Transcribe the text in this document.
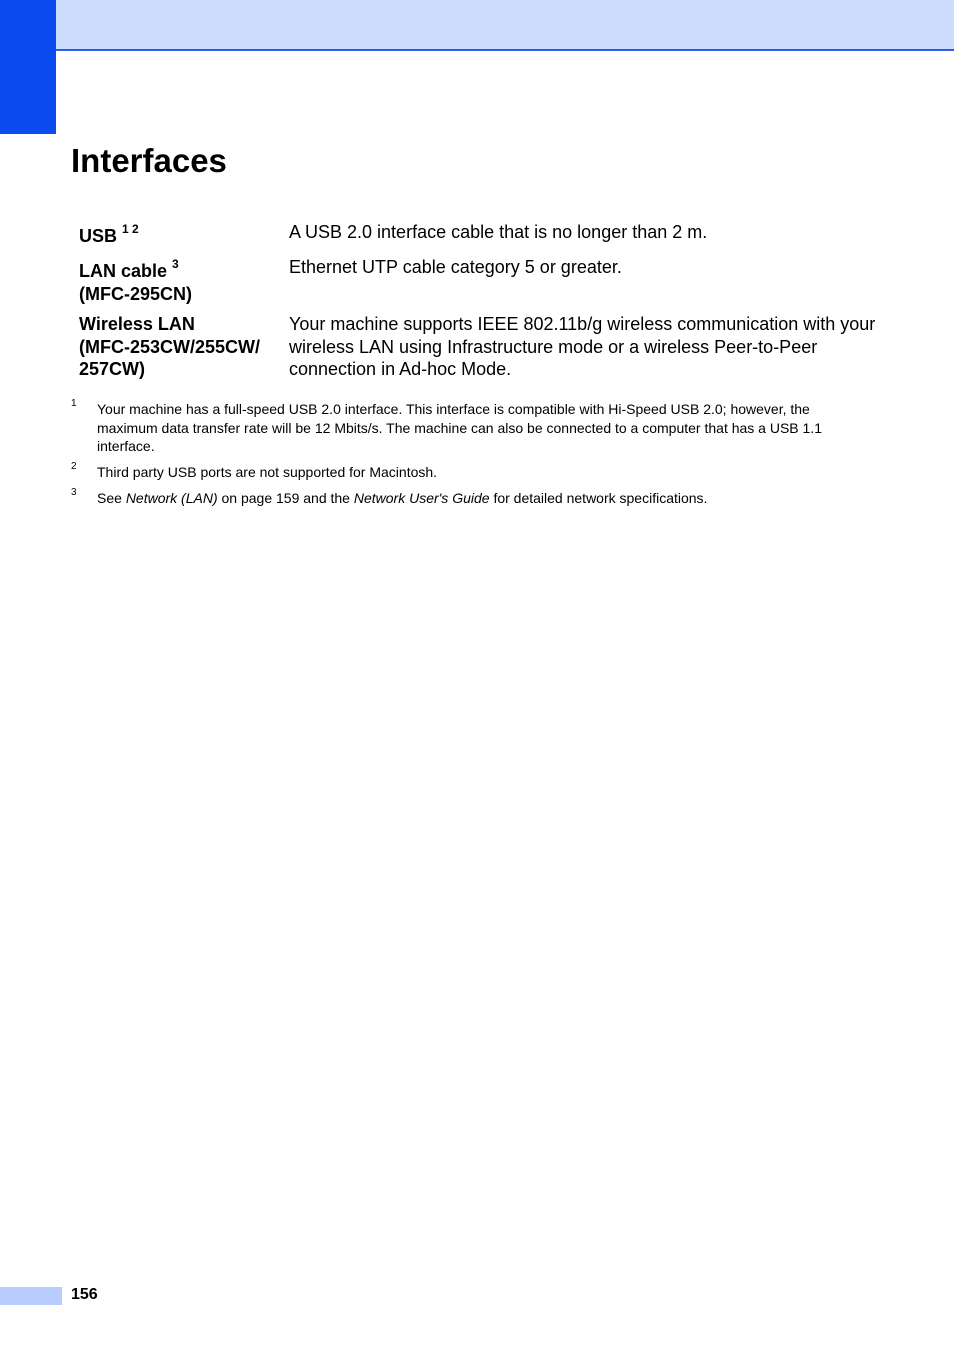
Interfaces
USB $^{1 2}$	A USB 2.0 interface cable that is no longer than 2 m.
LAN cable $^3$
(MFC-295CN)
Ethernet UTP cable category 5 or greater.
Wireless LAN
(MFC-253CW/255CW/
257CW)
Your machine supports IEEE 802.11b/g wireless communication with your wireless LAN using Infrastructure mode or a wireless Peer-to-Peer connection in Ad-hoc Mode.
1 Your machine has a full-speed USB 2.0 interface. This interface is compatible with Hi-Speed USB 2.0; however, the maximum data transfer rate will be 12 Mbits/s. The machine can also be connected to a computer that has a USB 1.1 interface.
2 Third party USB ports are not supported for Macintosh.
3 See Network (LAN) on page 159 and the Network User's Guide for detailed network specifications.
156
